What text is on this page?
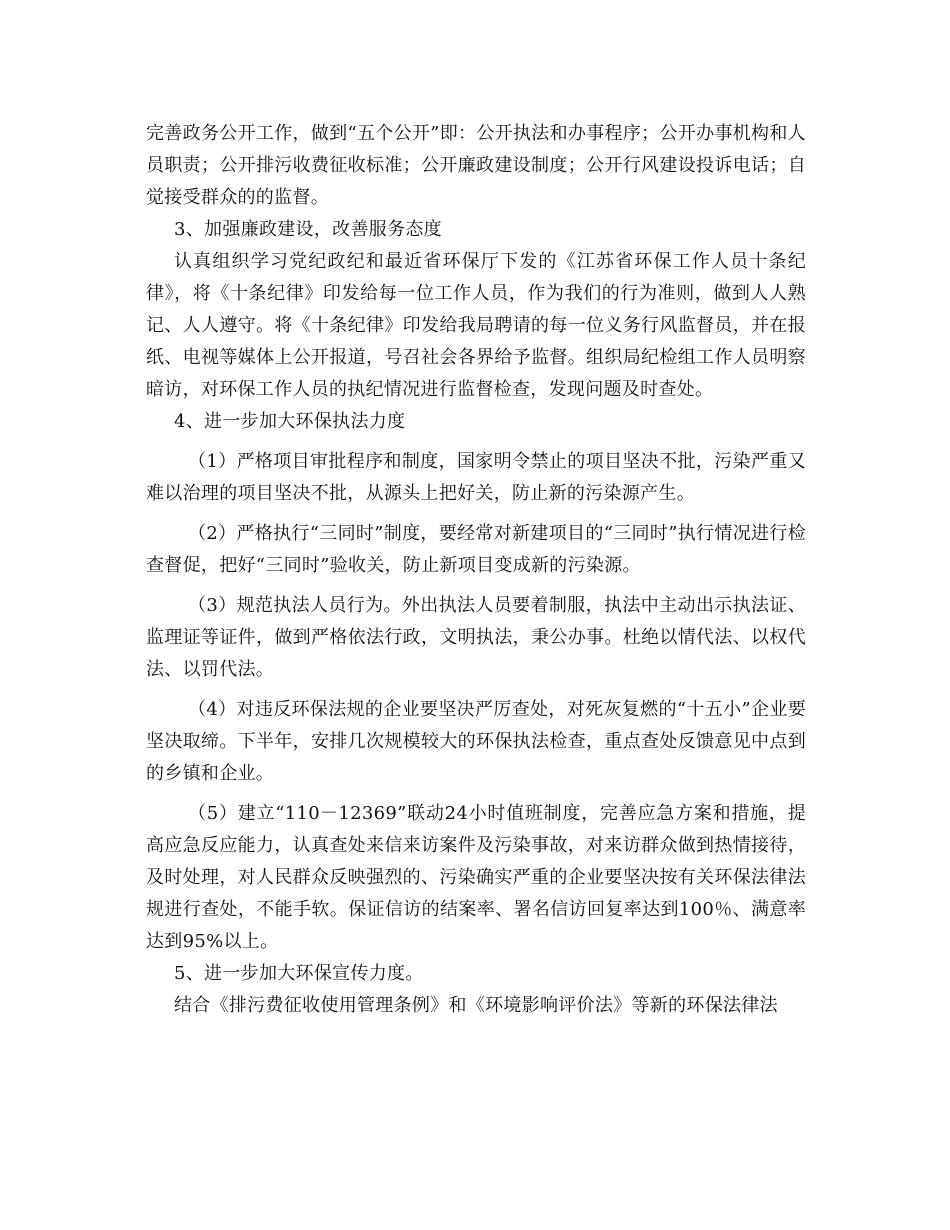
完善政务公开工作，做到“五个公开”即：公开执法和办事程序；公开办事机构和人员职责；公开排污收费征收标准；公开廉政建设制度；公开行风建设投诉电话；自觉接受群众的的监督。

3、加强廉政建设，改善服务态度

认真组织学习党纪政纪和最近省环保厅下发的《江苏省环保工作人员十条纪律》，将《十条纪律》印发给每一位工作人员，作为我们的行为准则，做到人人熟记、人人遵守。将《十条纪律》印发给我局聘请的每一位义务行风监督员，并在报纸、电视等媒体上公开报道，号召社会各界给予监督。组织局纪检组工作人员明察暗访，对环保工作人员的执纪情况进行监督检查，发现问题及时查处。

4、进一步加大环保执法力度

（1）严格项目审批程序和制度，国家明令禁止的项目坚决不批，污染严重又难以治理的项目坚决不批，从源头上把好关，防止新的污染源产生。

（2）严格执行“三同时”制度，要经常对新建项目的“三同时”执行情况进行检查督促，把好“三同时”验收关，防止新项目变成新的污染源。

（3）规范执法人员行为。外出执法人员要着制服，执法中主动出示执法证、监理证等证件，做到严格依法行政，文明执法，秉公办事。杜绝以情代法、以权代法、以罚代法。

（4）对违反环保法规的企业要坚决严厉查处，对死灰复燃的“十五小”企业要坚决取缔。下半年，安排几次规模较大的环保执法检查，重点查处反馈意见中点到的乡镇和企业。

（5）建立“110－12369”联动24小时值班制度，完善应急方案和措施，提高应急反应能力，认真查处来信来访案件及污染事故，对来访群众做到热情接待，及时处理，对人民群众反映强烈的、污染确实严重的企业要坚决按有关环保法律法规进行查处，不能手软。保证信访的结案率、署名信访回复率达到100％、满意率达到95%以上。

5、进一步加大环保宣传力度。

结合《排污费征收使用管理条例》和《环境影响评价法》等新的环保法律法
